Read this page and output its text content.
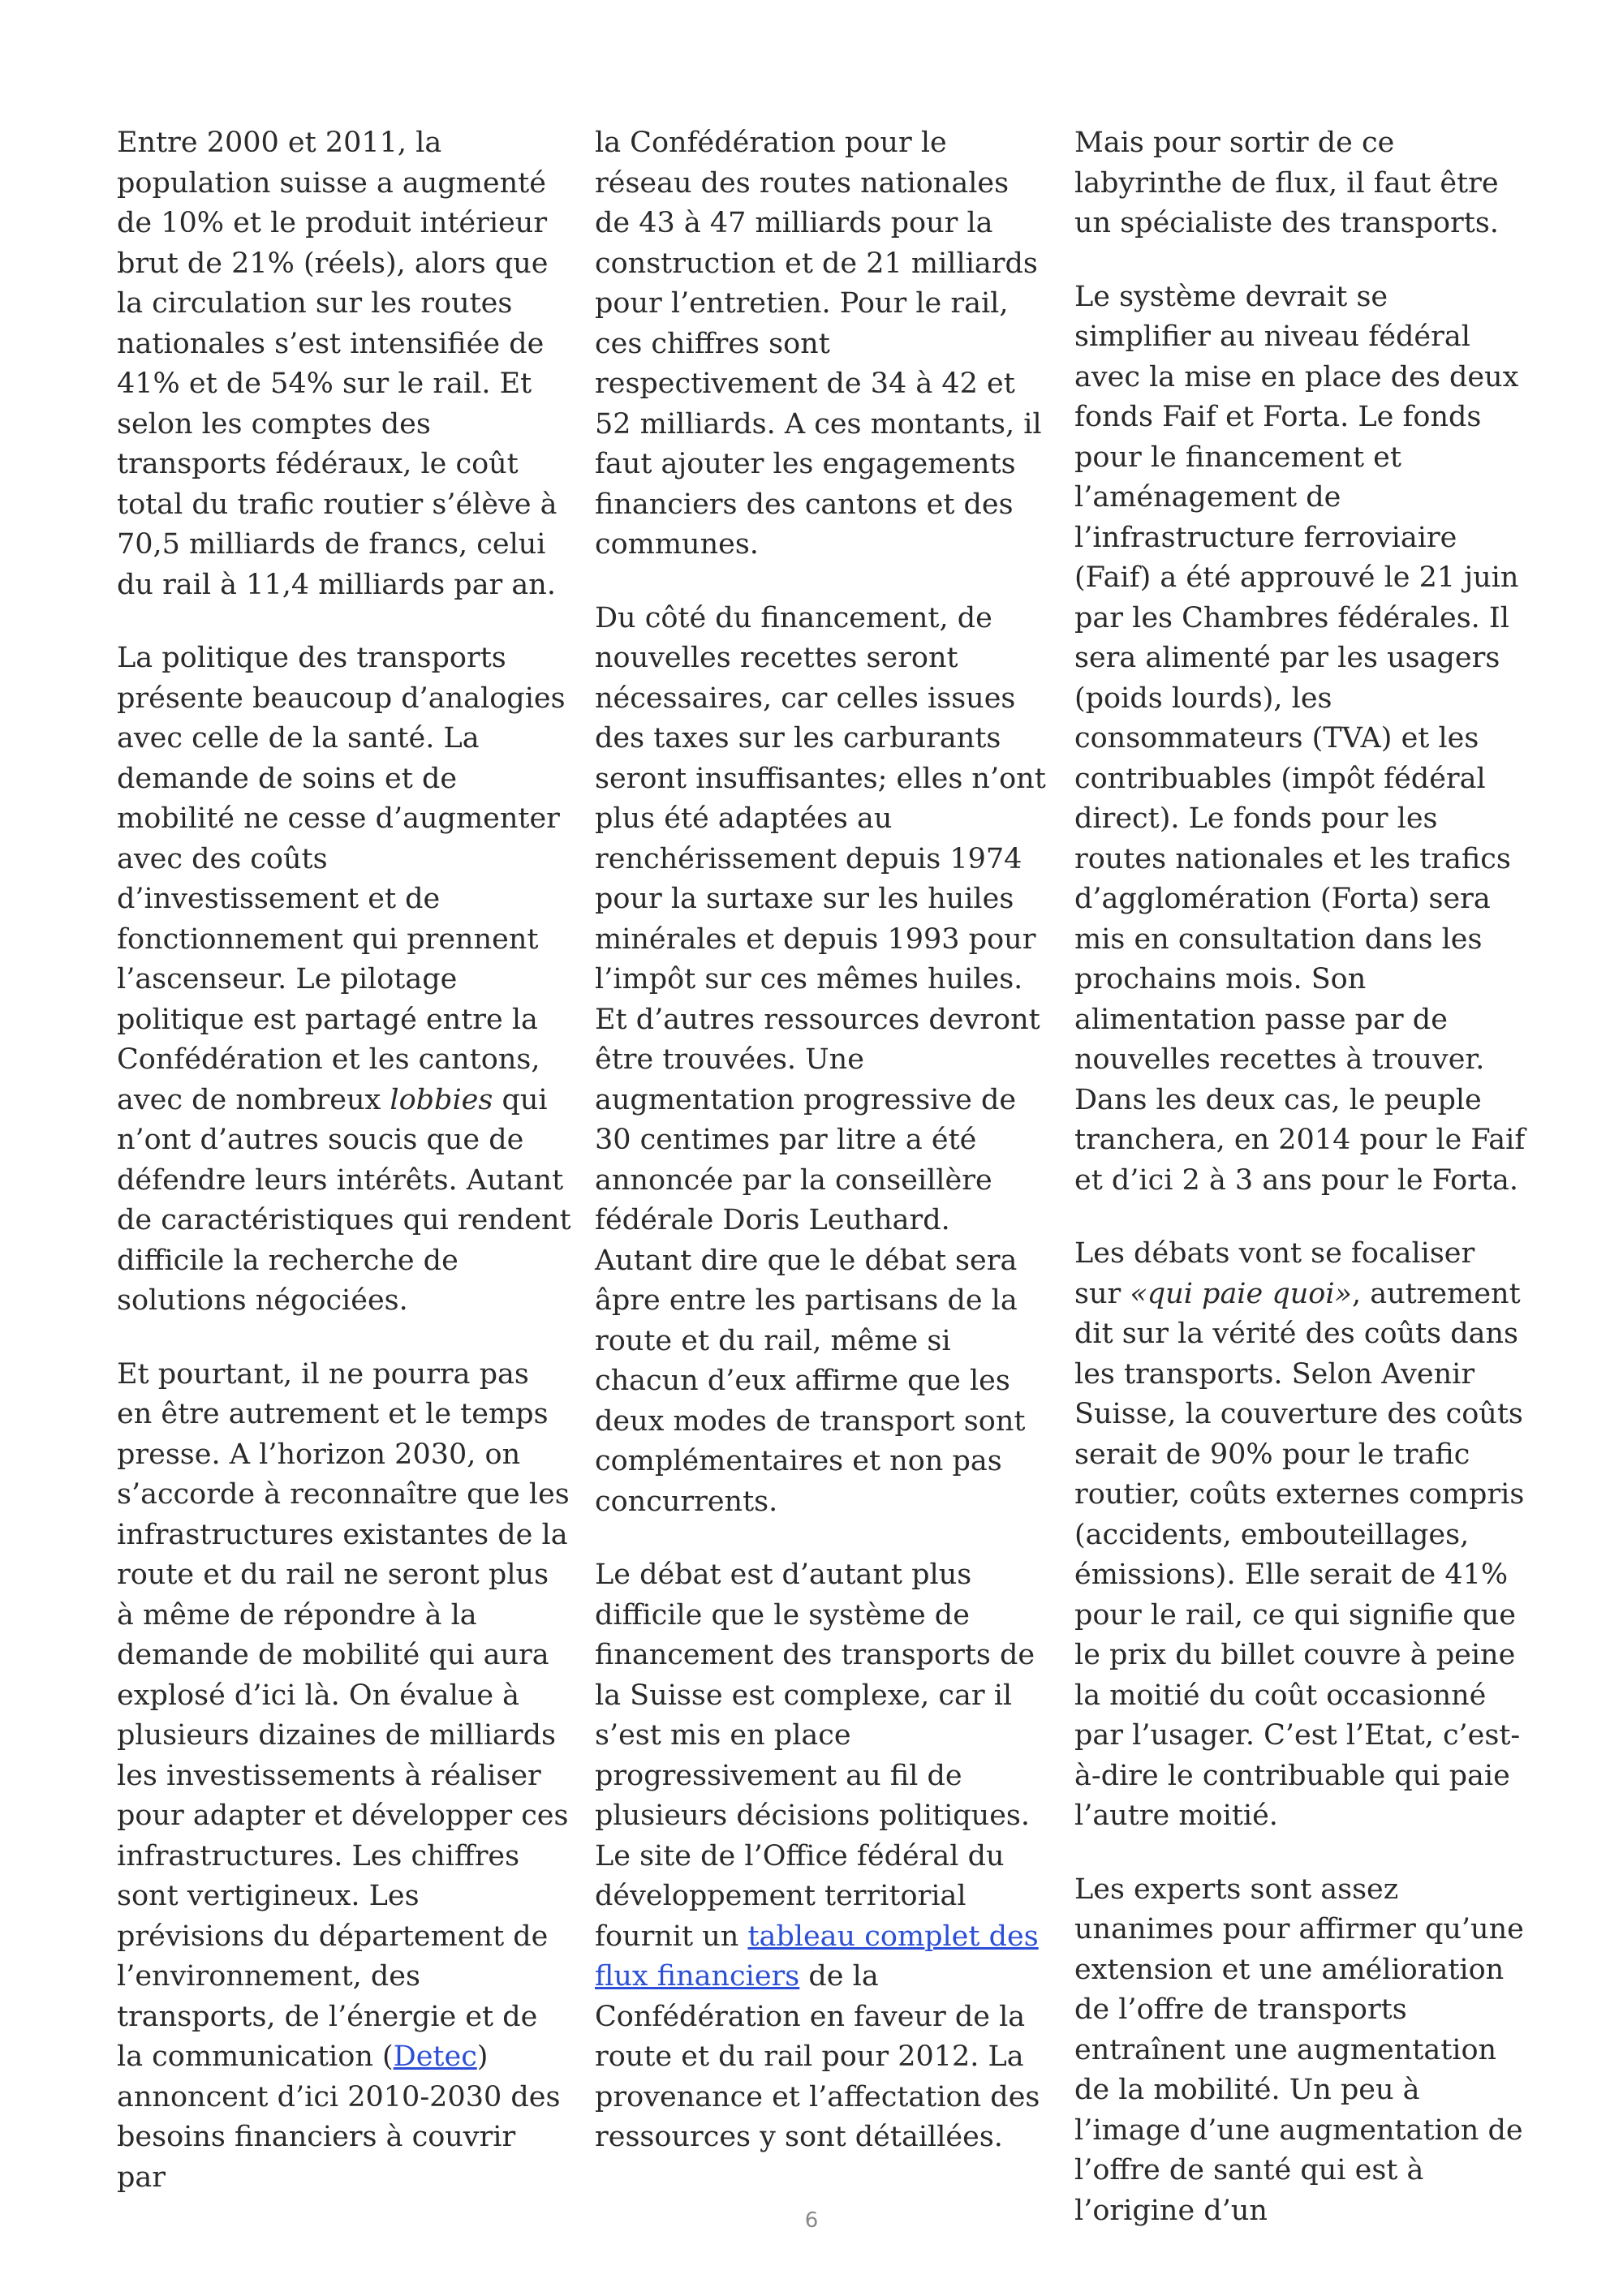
Entre 2000 et 2011, la population suisse a augmenté de 10% et le produit intérieur brut de 21% (réels), alors que la circulation sur les routes nationales s’est intensifiée de 41% et de 54% sur le rail. Et selon les comptes des transports fédéraux, le coût total du trafic routier s’élève à 70,5 milliards de francs, celui du rail à 11,4 milliards par an.

La politique des transports présente beaucoup d’analogies avec celle de la santé. La demande de soins et de mobilité ne cesse d’augmenter avec des coûts d’investissement et de fonctionnement qui prennent l’ascenseur. Le pilotage politique est partagé entre la Confédération et les cantons, avec de nombreux lobbies qui n’ont d’autres soucis que de défendre leurs intérêts. Autant de caractéristiques qui rendent difficile la recherche de solutions négociées.

Et pourtant, il ne pourra pas en être autrement et le temps presse. A l’horizon 2030, on s’accorde à reconnaître que les infrastructures existantes de la route et du rail ne seront plus à même de répondre à la demande de mobilité qui aura explosé d’ici là. On évalue à plusieurs dizaines de milliards les investissements à réaliser pour adapter et développer ces infrastructures. Les chiffres sont vertigineux. Les prévisions du département de l’environnement, des transports, de l’énergie et de la communication (Detec) annoncent d’ici 2010-2030 des besoins financiers à couvrir par

la Confédération pour le réseau des routes nationales de 43 à 47 milliards pour la construction et de 21 milliards pour l’entretien. Pour le rail, ces chiffres sont respectivement de 34 à 42 et 52 milliards. A ces montants, il faut ajouter les engagements financiers des cantons et des communes.

Du côté du financement, de nouvelles recettes seront nécessaires, car celles issues des taxes sur les carburants seront insuffisantes; elles n’ont plus été adaptées au renchérissement depuis 1974 pour la surtaxe sur les huiles minérales et depuis 1993 pour l’impôt sur ces mêmes huiles. Et d’autres ressources devront être trouvées. Une augmentation progressive de 30 centimes par litre a été annoncée par la conseillère fédérale Doris Leuthard. Autant dire que le débat sera âpre entre les partisans de la route et du rail, même si chacun d’eux affirme que les deux modes de transport sont complémentaires et non pas concurrents.

Le débat est d’autant plus difficile que le système de financement des transports de la Suisse est complexe, car il s’est mis en place progressivement au fil de plusieurs décisions politiques. Le site de l’Office fédéral du développement territorial fournit un tableau complet des flux financiers de la Confédération en faveur de la route et du rail pour 2012. La provenance et l’affectation des ressources y sont détaillées.

Mais pour sortir de ce labyrinthe de flux, il faut être un spécialiste des transports.

Le système devrait se simplifier au niveau fédéral avec la mise en place des deux fonds Faif et Forta. Le fonds pour le financement et l’aménagement de l’infrastructure ferroviaire (Faif) a été approuvé le 21 juin par les Chambres fédérales. Il sera alimenté par les usagers (poids lourds), les consommateurs (TVA) et les contribuables (impôt fédéral direct). Le fonds pour les routes nationales et les trafics d’agglomération (Forta) sera mis en consultation dans les prochains mois. Son alimentation passe par de nouvelles recettes à trouver. Dans les deux cas, le peuple tranchera, en 2014 pour le Faif et d’ici 2 à 3 ans pour le Forta.

Les débats vont se focaliser sur «qui paie quoi», autrement dit sur la vérité des coûts dans les transports. Selon Avenir Suisse, la couverture des coûts serait de 90% pour le trafic routier, coûts externes compris (accidents, embouteillages, émissions). Elle serait de 41% pour le rail, ce qui signifie que le prix du billet couvre à peine la moitié du coût occasionné par l’usager. C’est l’Etat, c’est-à-dire le contribuable qui paie l’autre moitié.

Les experts sont assez unanimes pour affirmer qu’une extension et une amélioration de l’offre de transports entraînent une augmentation de la mobilité. Un peu à l’image d’une augmentation de l’offre de santé qui est à l’origine d’un

6
